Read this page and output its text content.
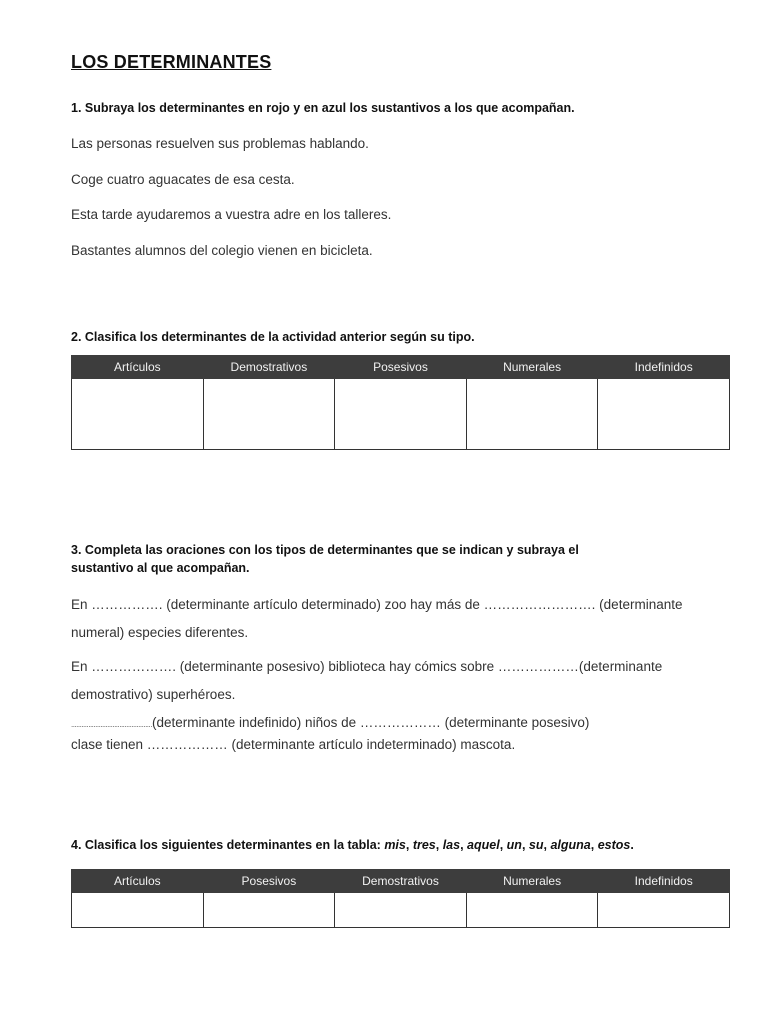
LOS DETERMINANTES
1. Subraya los determinantes en rojo y en azul los sustantivos a los que acompañan.
Las personas resuelven sus problemas hablando.
Coge cuatro aguacates de esa cesta.
Esta tarde ayudaremos a vuestra adre en los talleres.
Bastantes alumnos del colegio vienen en bicicleta.
2. Clasifica los determinantes de la actividad anterior según su tipo.
Artículos	Demostrativos	Posesivos	Numerales	Indefinidos

3. Completa las oraciones con los tipos de determinantes que se indican y subraya el
sustantivo al que acompañan.
En ……………. (determinante artículo determinado) zoo hay más de ……………………. (determinante
numeral) especies diferentes.
En ………………. (determinante posesivo) biblioteca hay cómics sobre ………………(determinante
demostrativo) superhéroes.
...............................................(determinante indefinido) niños de ……………… (determinante posesivo)
clase tienen ……………… (determinante artículo indeterminado) mascota.
4. Clasifica los siguientes determinantes en la tabla: mis, tres, las, aquel, un, su, alguna, estos.
Artículos	Posesivos	Demostrativos	Numerales	Indefinidos
